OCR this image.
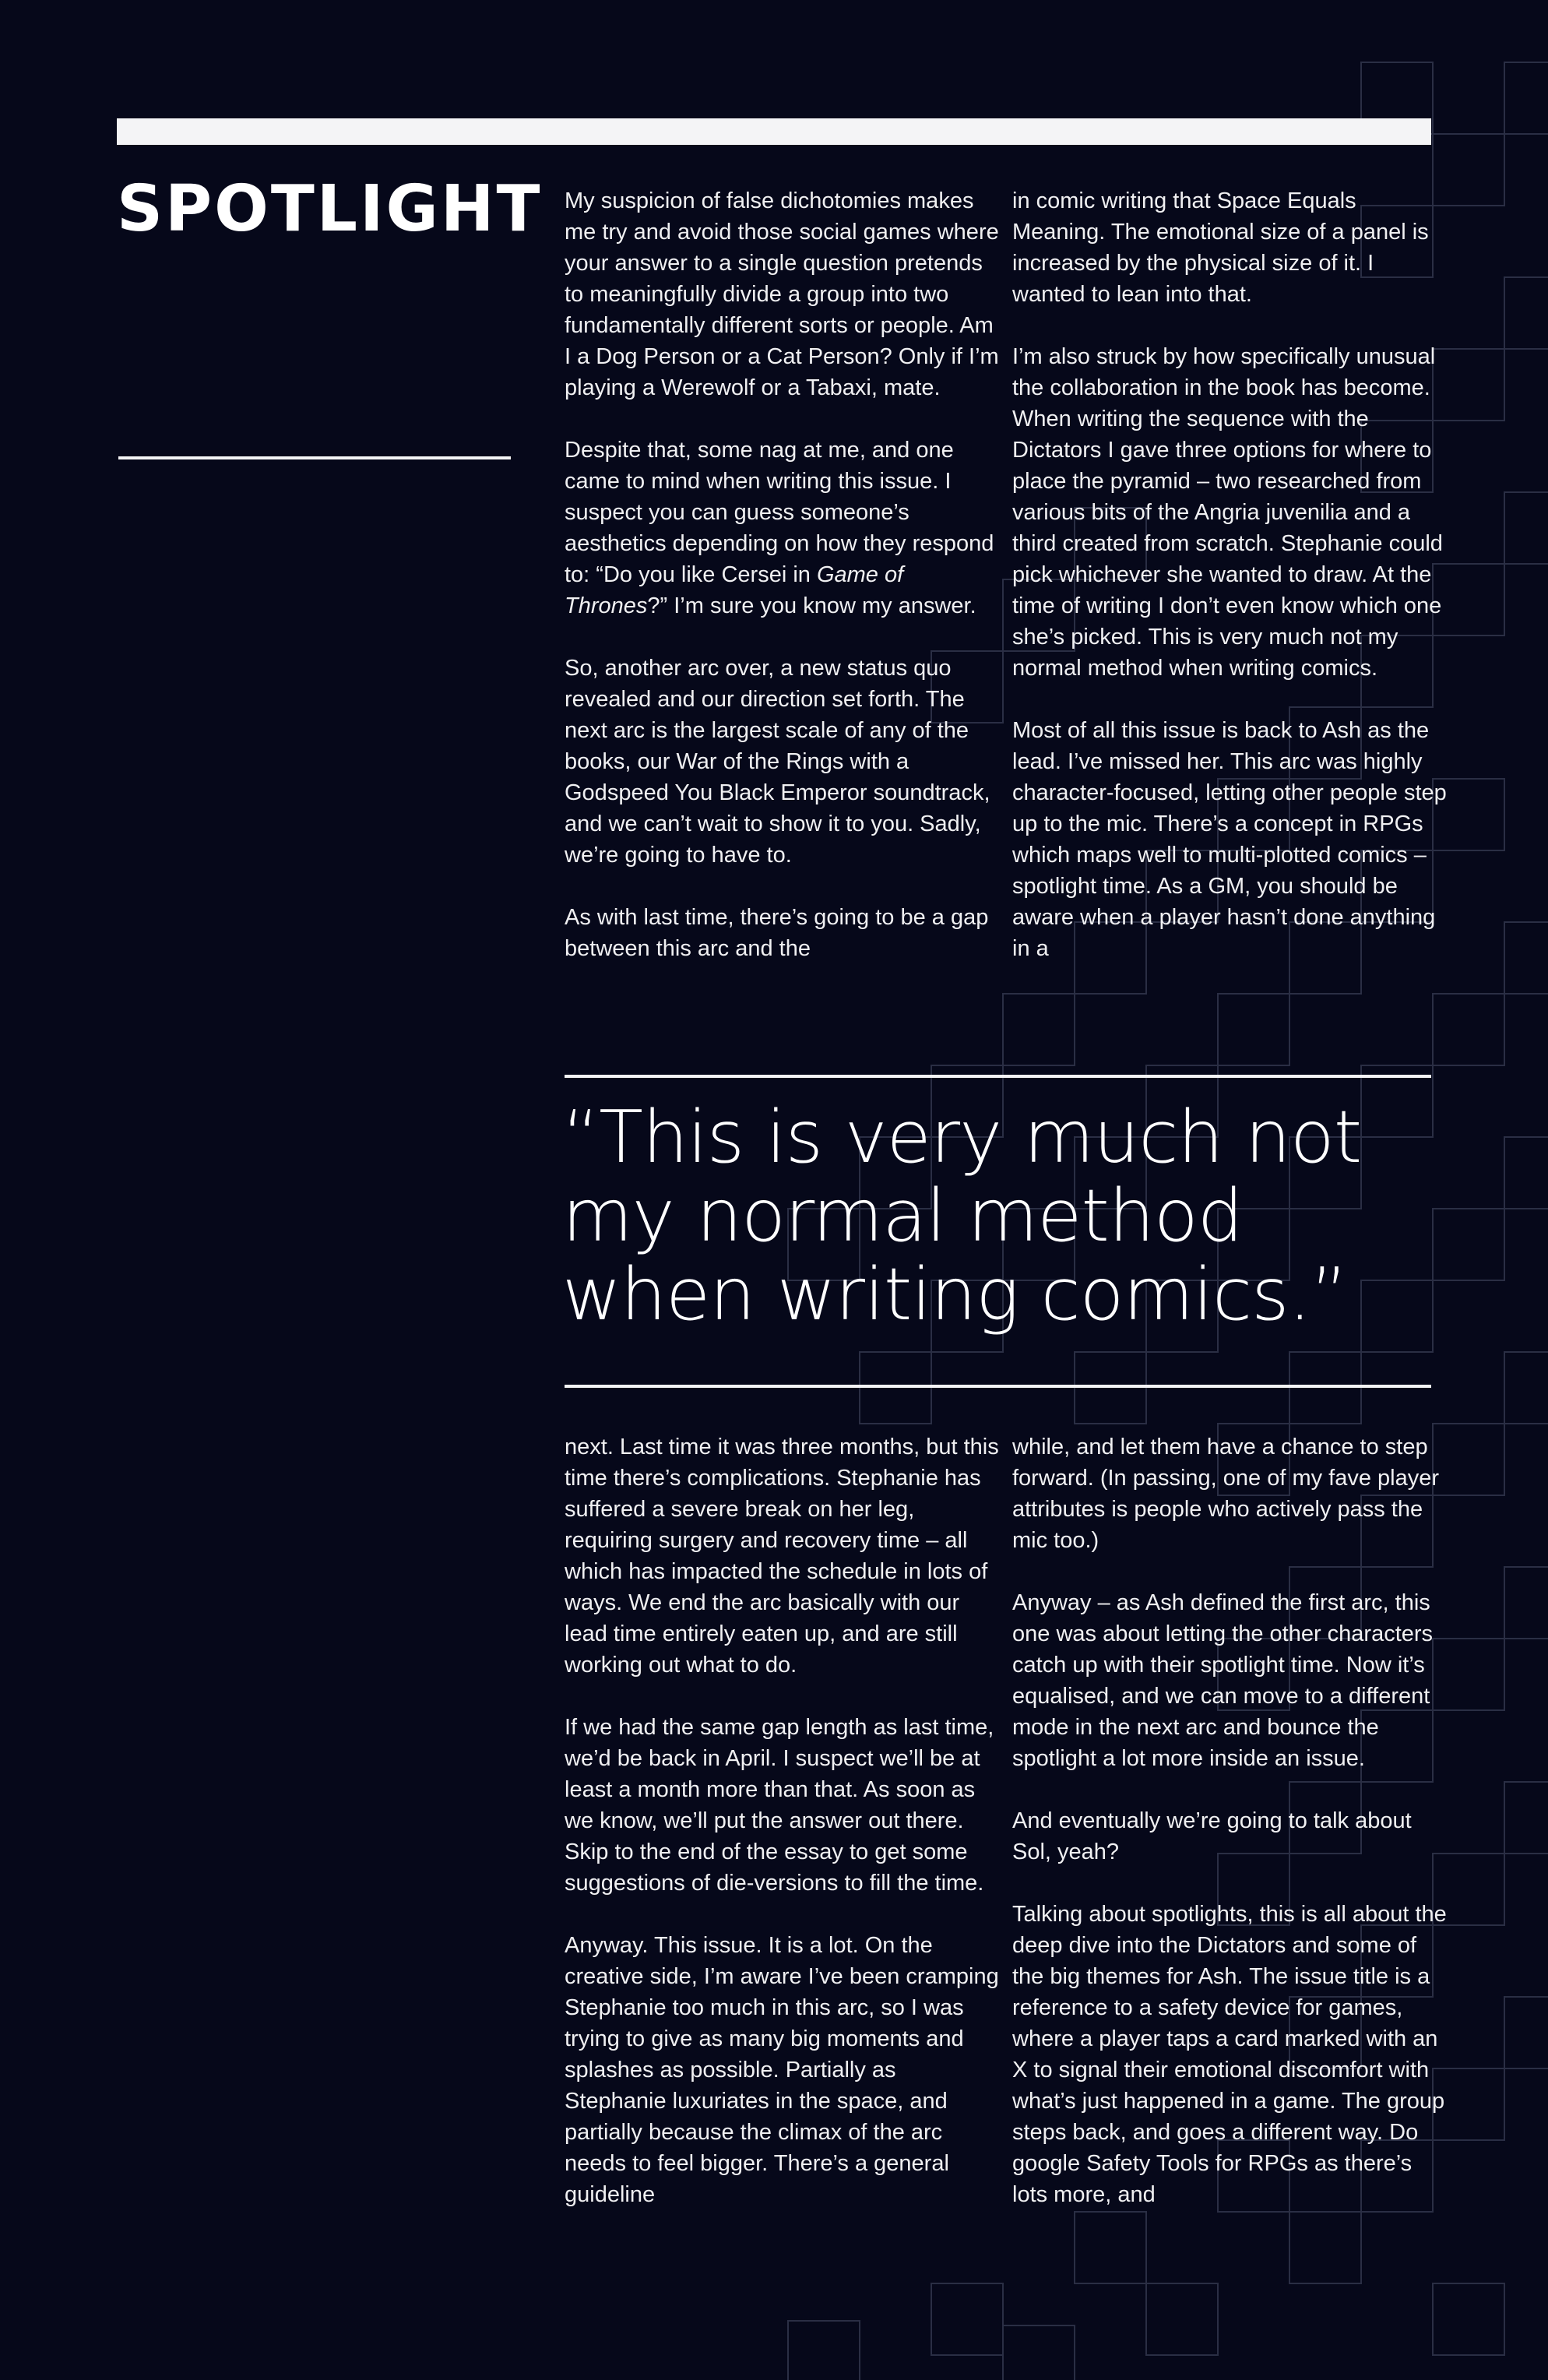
SPOTLIGHT My suspicion of false dichotomies makes me try and avoid those social games where your answer to a single question pretends to meaningfully divide a group into two fundamentally different sorts or people. Am I a Dog Person or a Cat Person? Only if I’m playing a Werewolf or a Tabaxi, mate.

Despite that, some nag at me, and one came to mind when writing this issue. I suspect you can guess someone’s aesthetics depending on how they respond to: “Do you like Cersei in Game of Thrones?” I’m sure you know my answer.

So, another arc over, a new status quo revealed and our direction set forth. The next arc is the largest scale of any of the books, our War of the Rings with a Godspeed You Black Emperor soundtrack, and we can’t wait to show it to you. Sadly, we’re going to have to.

As with last time, there’s going to be a gap between this arc and the

in comic writing that Space Equals Meaning. The emotional size of a panel is increased by the physical size of it. I wanted to lean into that.

I’m also struck by how specifically unusual the collaboration in the book has become. When writing the sequence with the Dictators I gave three options for where to place the pyramid – two researched from various bits of the Angria juvenilia and a third created from scratch. Stephanie could pick whichever she wanted to draw. At the time of writing I don’t even know which one she’s picked. This is very much not my normal method when writing comics.

Most of all this issue is back to Ash as the lead. I’ve missed her. This arc was highly character-focused, letting other people step up to the mic. There’s a concept in RPGs which maps well to multi-plotted comics – spotlight time. As a GM, you should be aware when a player hasn’t done anything in a

“This is very much not my normal method when writing comics.”

next. Last time it was three months, but this time there’s complications. Stephanie has suffered a severe break on her leg, requiring surgery and recovery time – all which has impacted the schedule in lots of ways. We end the arc basically with our lead time entirely eaten up, and are still working out what to do.

If we had the same gap length as last time, we’d be back in April. I suspect we’ll be at least a month more than that. As soon as we know, we’ll put the answer out there. Skip to the end of the essay to get some suggestions of die-versions to fill the time.

Anyway. This issue. It is a lot. On the creative side, I’m aware I’ve been cramping Stephanie too much in this arc, so I was trying to give as many big moments and splashes as possible. Partially as Stephanie luxuriates in the space, and partially because the climax of the arc needs to feel bigger. There’s a general guideline

while, and let them have a chance to step forward. (In passing, one of my fave player attributes is people who actively pass the mic too.)

Anyway – as Ash defined the first arc, this one was about letting the other characters catch up with their spotlight time. Now it’s equalised, and we can move to a different mode in the next arc and bounce the spotlight a lot more inside an issue.

And eventually we’re going to talk about Sol, yeah?

Talking about spotlights, this is all about the deep dive into the Dictators and some of the big themes for Ash. The issue title is a reference to a safety device for games, where a player taps a card marked with an X to signal their emotional discomfort with what’s just happened in a game. The group steps back, and goes a different way. Do google Safety Tools for RPGs as there’s lots more, and
